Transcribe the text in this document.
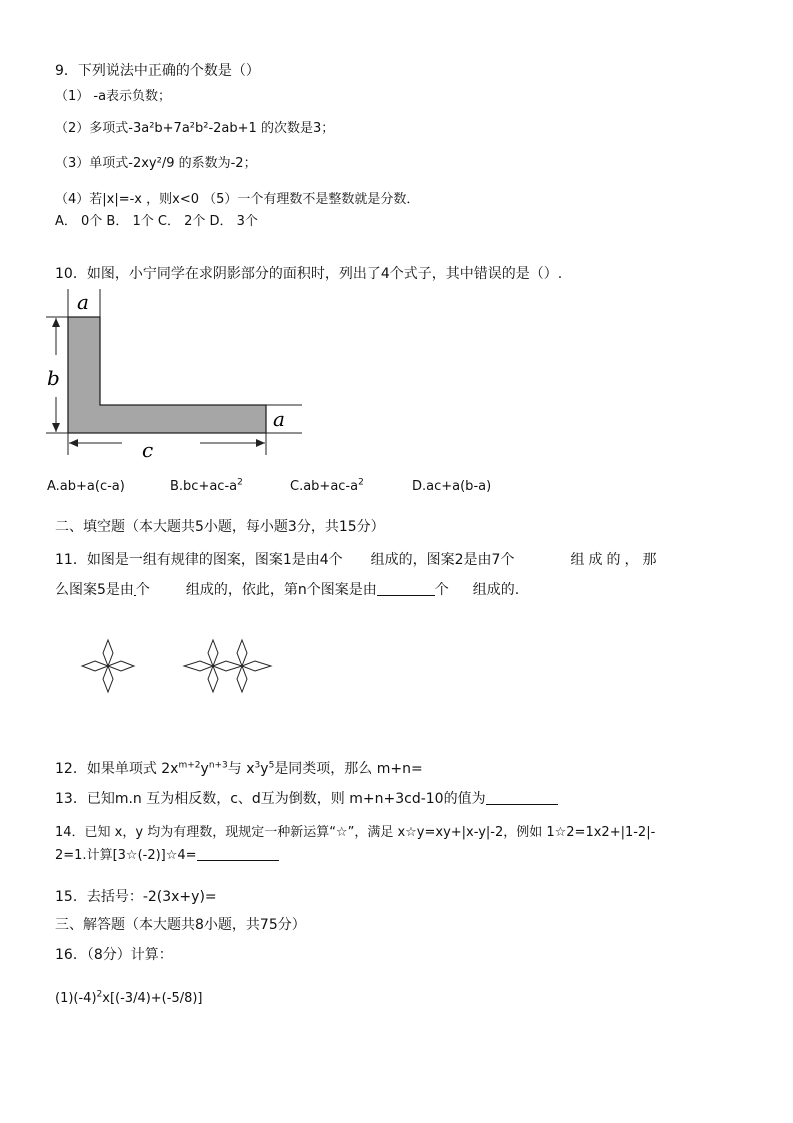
9．下列说法中正确的个数是（）
（1） -a表示负数；
（2）多项式-3a²b+7a²b²-2ab+1 的次数是3；
（3）单项式-2xy²/9 的系数为-2；
（4）若|x|=-x ，则x<0 （5）一个有理数不是整数就是分数．
A． 0个 B． 1个 C． 2个 D． 3个
10．如图，小宁同学在求阴影部分的面积时，列出了4个式子，其中错误的是（）.
a
b
a
c
A.ab+a(c-a)	$B.bc+ac-a^2$	$C.ab+ac-a^2$	D.ac+a(b-a)
二、填空题（本大题共5小题，每小题3分，共15分）
11．如图是一组有规律的图案，图案1是由4个 组成的，图案2是由7个	组成的，那
么图案5是由 个	组成的，依此，第n个图案是由	个 组成的.
12．如果单项式 $2x^{m+2}y^{n+3}$与 $x^3y^5$是同类项，那么 m+n=
13．已知m.n 互为相反数，c、d互为倒数，则 m+n+3cd-10的值为
14．已知 x，y 均为有理数，现规定一种新运算“☆”，满足 x☆y=xy+|x-y|-2，例如 1☆2=1x2+|1-2|-
2=1.计算[3☆(-2)]☆4=
15．去括号：-2(3x+y)=
三、解答题（本大题共8小题，共75分）
16．（8分）计算：
$(1)(-4)^2x[(-3/4)+(-5/8)]$
